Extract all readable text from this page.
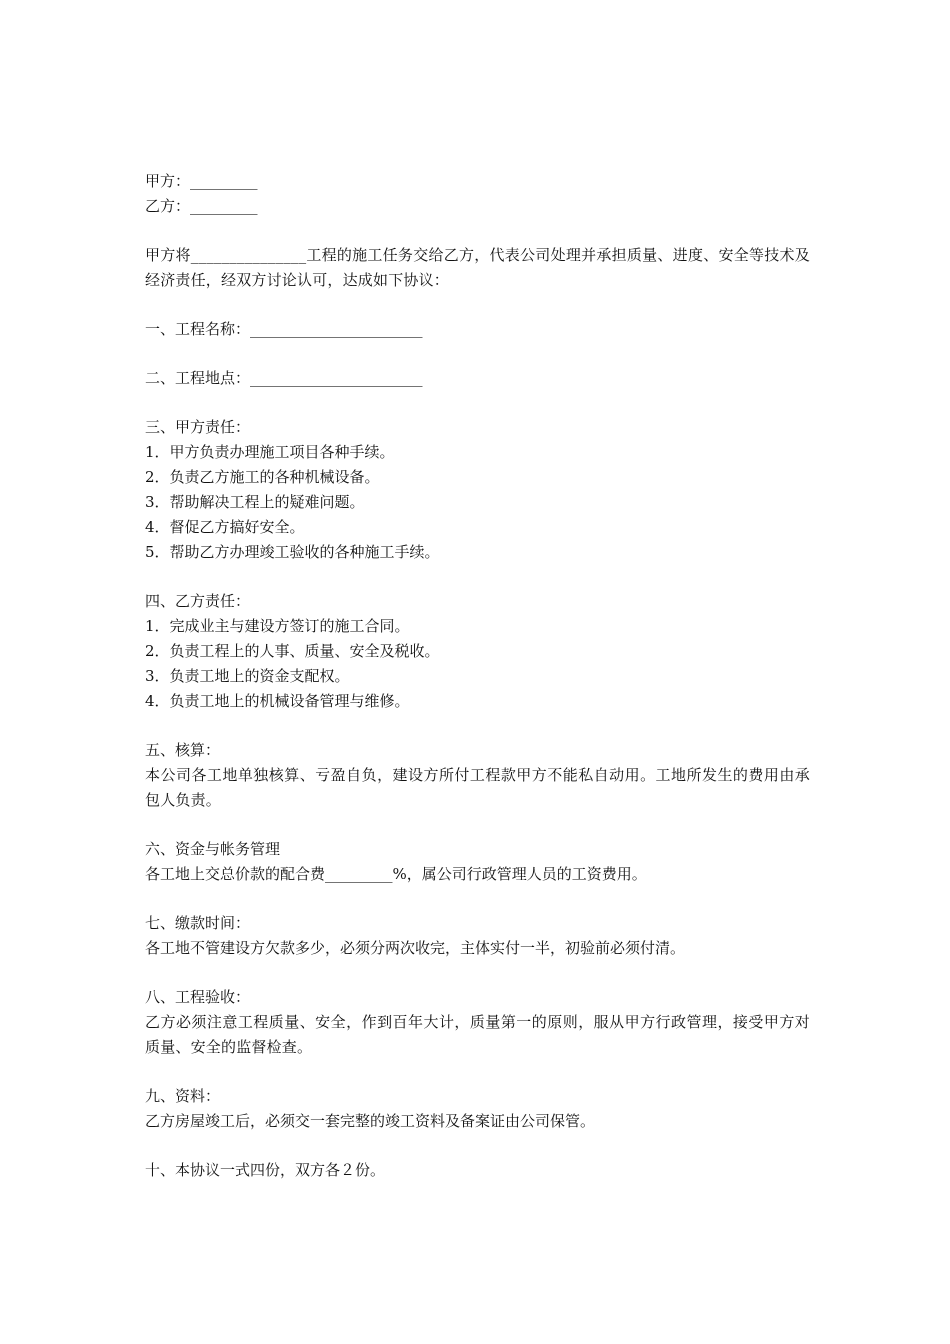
甲方：_________
乙方：_________
甲方将_______________工程的施工任务交给乙方，代表公司处理并承担质量、进度、安全等技术及经济责任，经双方讨论认可，达成如下协议：
一、工程名称：_______________________
二、工程地点：_______________________
三、甲方责任：
1．甲方负责办理施工项目各种手续。
2．负责乙方施工的各种机械设备。
3．帮助解决工程上的疑难问题。
4．督促乙方搞好安全。
5．帮助乙方办理竣工验收的各种施工手续。
四、乙方责任：
1．完成业主与建设方签订的施工合同。
2．负责工程上的人事、质量、安全及税收。
3．负责工地上的资金支配权。
4．负责工地上的机械设备管理与维修。
五、核算：
本公司各工地单独核算、亏盈自负，建设方所付工程款甲方不能私自动用。工地所发生的费用由承包人负责。
六、资金与帐务管理
各工地上交总价款的配合费_________%，属公司行政管理人员的工资费用。
七、缴款时间：
各工地不管建设方欠款多少，必须分两次收完，主体实付一半，初验前必须付清。
八、工程验收：
乙方必须注意工程质量、安全，作到百年大计，质量第一的原则，服从甲方行政管理，接受甲方对质量、安全的监督检查。
九、资料：
乙方房屋竣工后，必须交一套完整的竣工资料及备案证由公司保管。
十、本协议一式四份，双方各２份。
